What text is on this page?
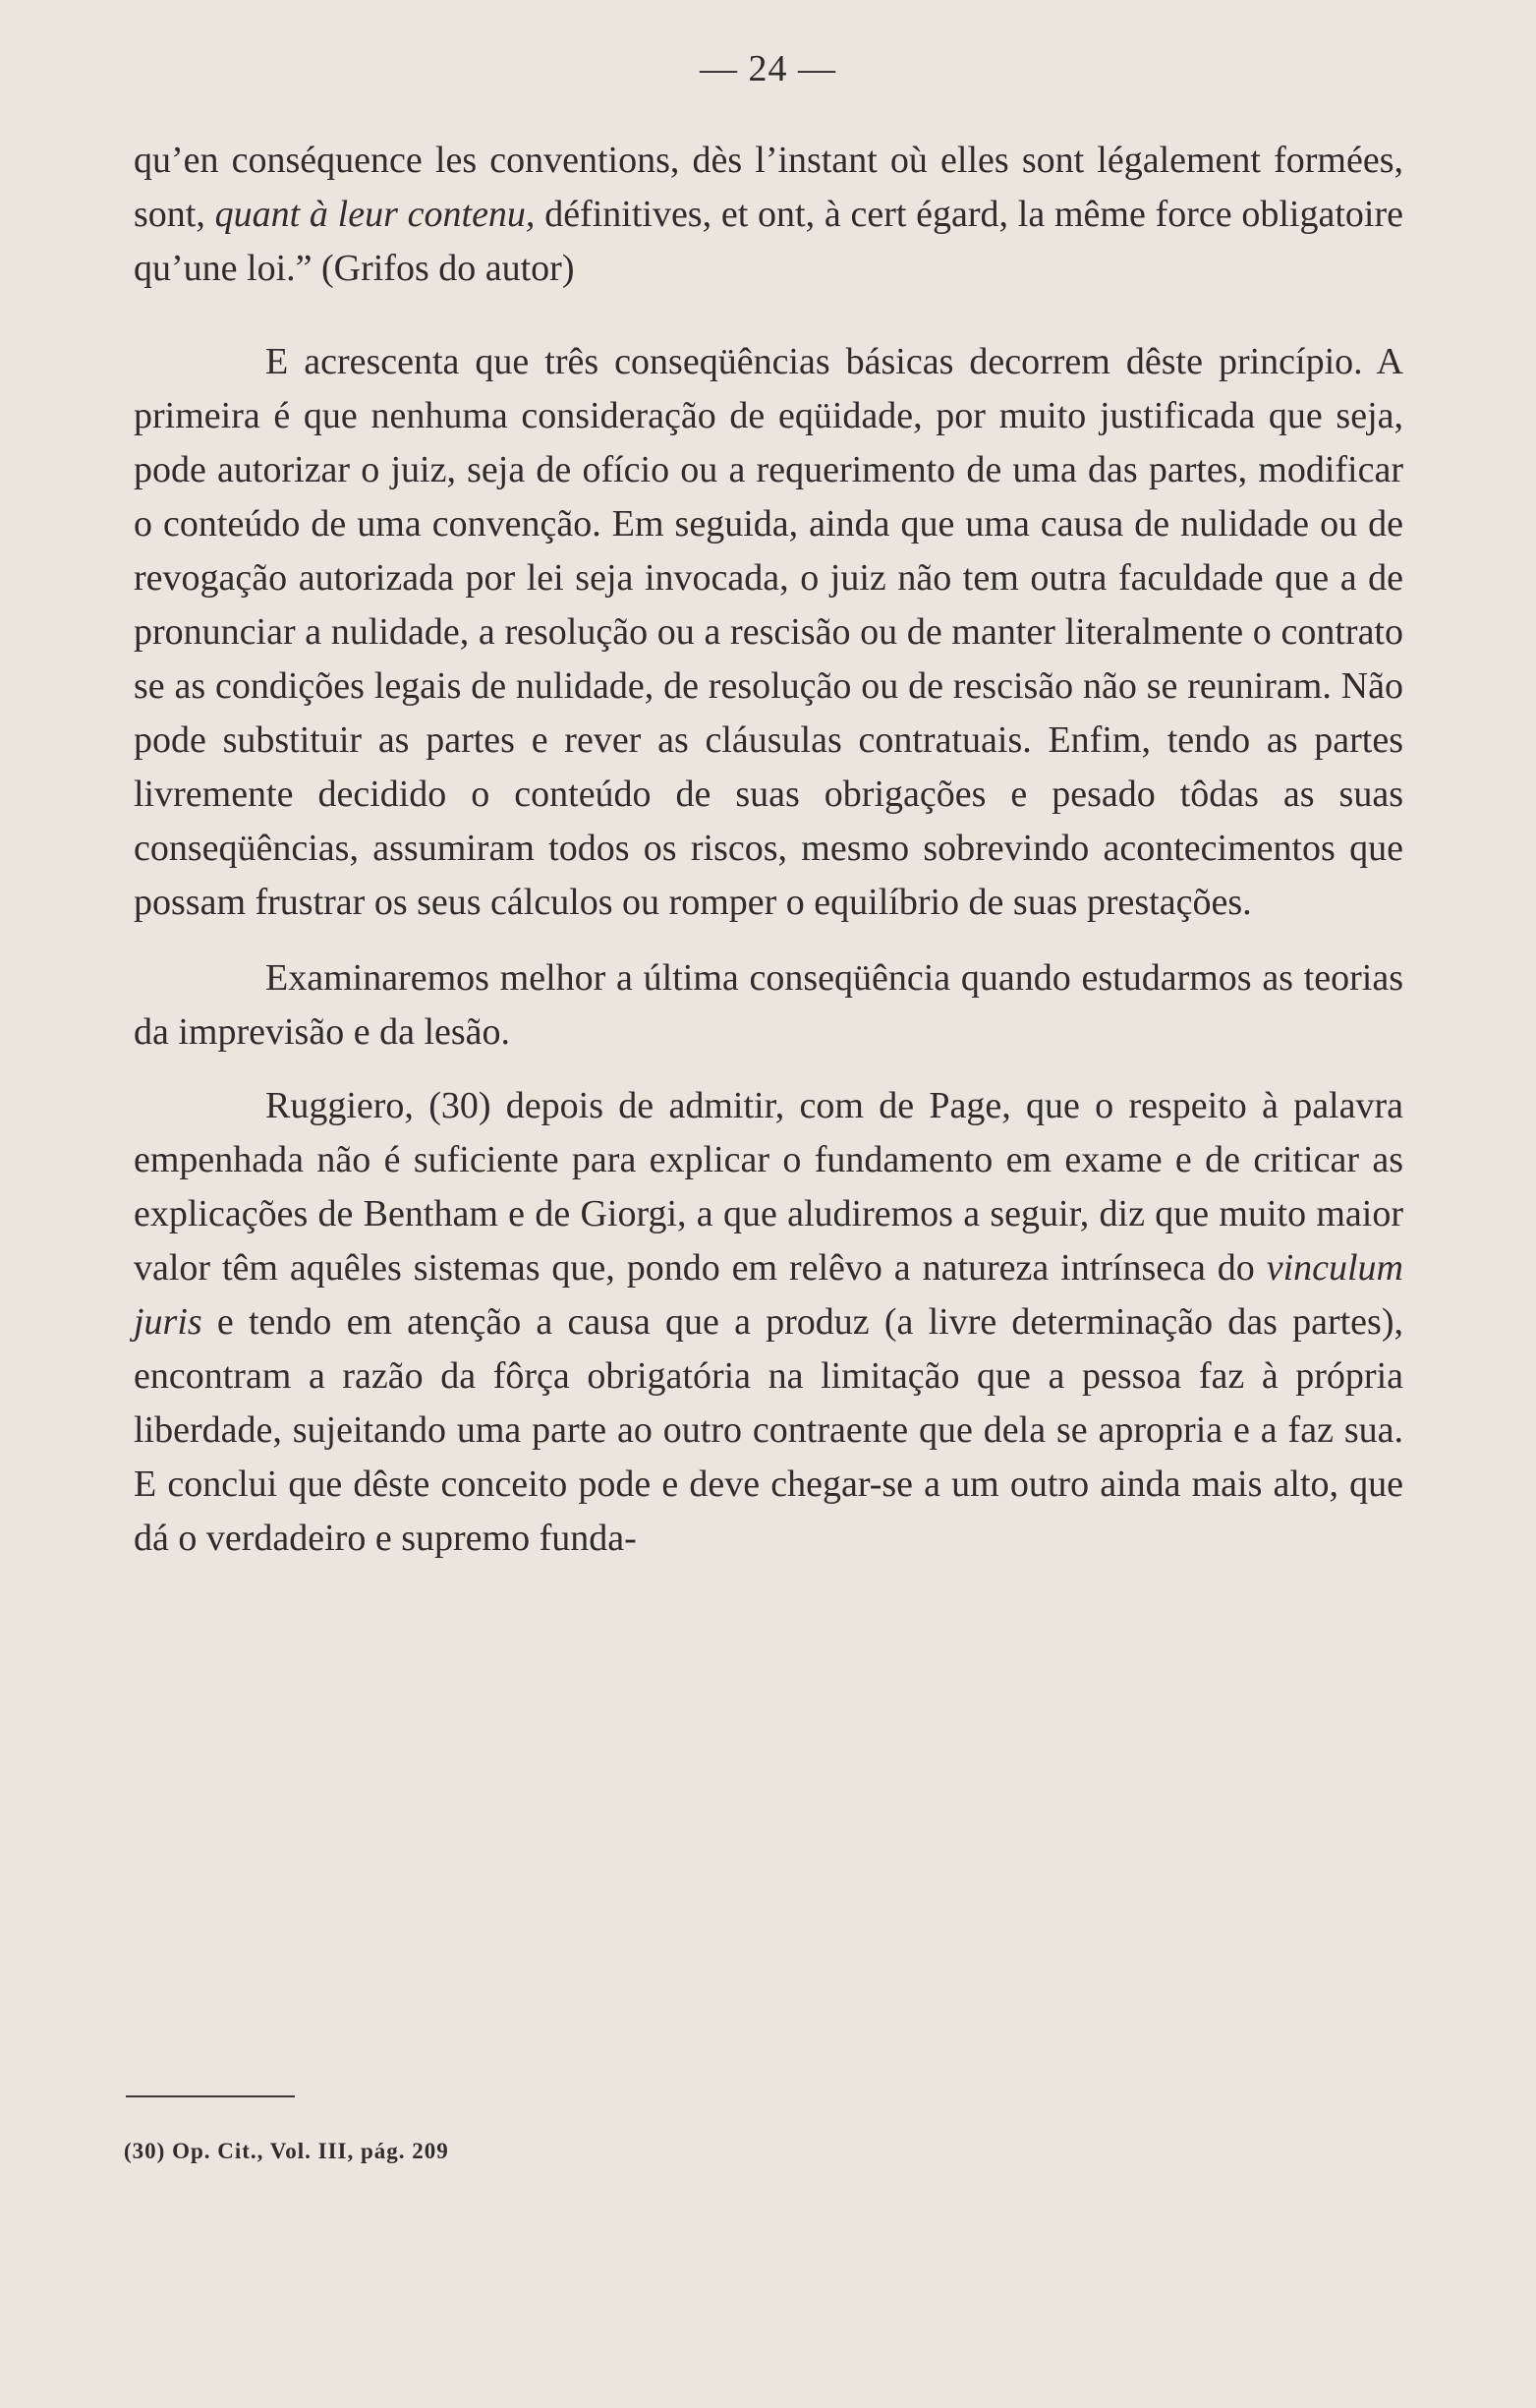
— 24 —

qu’en conséquence les conventions, dès l’instant où elles sont légalement formées, sont, quant à leur contenu, définitives, et ont, à cert égard, la même force obligatoire qu’une loi.” (Grifos do autor)

E acrescenta que três conseqüências básicas decorrem dêste princípio. A primeira é que nenhuma consideração de eqüidade, por muito justificada que seja, pode autorizar o juiz, seja de ofício ou a requerimento de uma das partes, modificar o conteúdo de uma convenção. Em seguida, ainda que uma causa de nulidade ou de revogação autorizada por lei seja invocada, o juiz não tem outra faculdade que a de pronunciar a nulidade, a resolução ou a rescisão ou de manter literalmente o contrato se as condições legais de nulidade, de resolução ou de rescisão não se reuniram. Não pode substituir as partes e rever as cláusulas contratuais. Enfim, tendo as partes livremente decidido o conteúdo de suas obrigações e pesado tôdas as suas conseqüências, assumiram todos os riscos, mesmo sobrevindo acontecimentos que possam frustrar os seus cálculos ou romper o equilíbrio de suas prestações.

Examinaremos melhor a última conseqüência quando estudarmos as teorias da imprevisão e da lesão.

Ruggiero, (30) depois de admitir, com de Page, que o respeito à palavra empenhada não é suficiente para explicar o fundamento em exame e de criticar as explicações de Bentham e de Giorgi, a que aludiremos a seguir, diz que muito maior valor têm aquêles sistemas que, pondo em relêvo a natureza intrínseca do vinculum juris e tendo em atenção a causa que a produz (a livre determinação das partes), encontram a razão da fôrça obrigatória na limitação que a pessoa faz à própria liberdade, sujeitando uma parte ao outro contraente que dela se apropria e a faz sua. E conclui que dêste conceito pode e deve chegar-se a um outro ainda mais alto, que dá o verdadeiro e supremo funda-

(30) Op. Cit., Vol. III, pág. 209
